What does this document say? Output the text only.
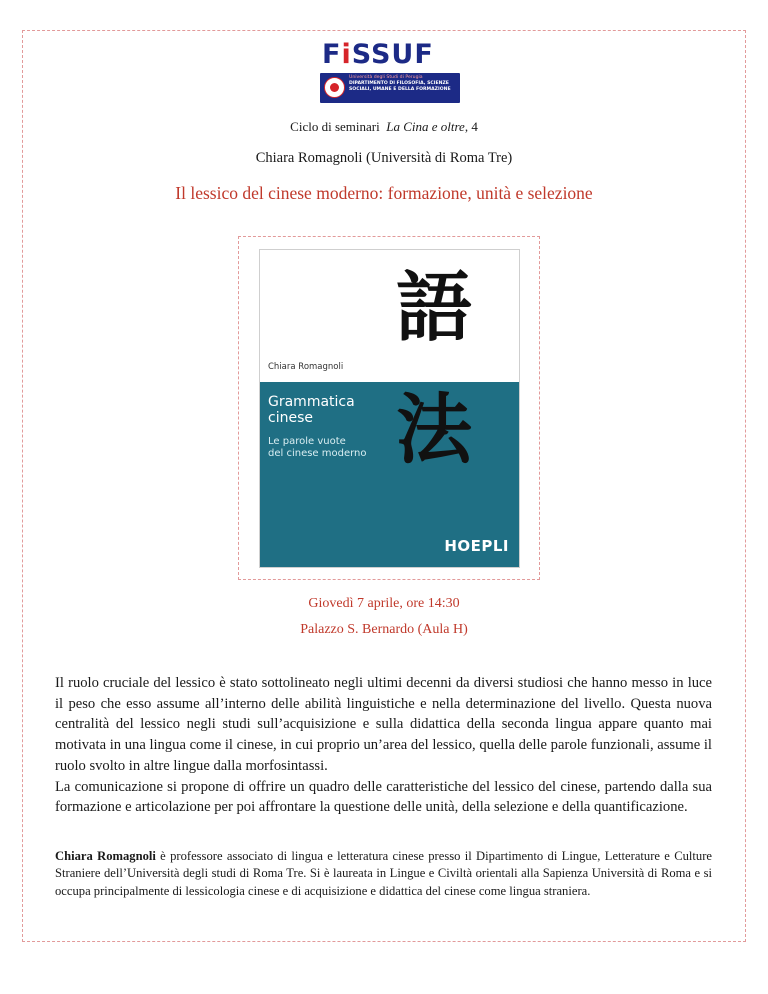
FiSSUF
Università degli Studi di Perugia
DIPARTIMENTO DI FILOSOFIA, SCIENZE SOCIALI, UMANE E DELLA FORMAZIONE
Ciclo di seminari La Cina e oltre, 4
Chiara Romagnoli (Università di Roma Tre)
Il lessico del cinese moderno: formazione, unità e selezione
Chiara Romagnoli
Grammatica
cinese
Le parole vuote
del cinese moderno
語
法
HOEPLI
Giovedì 7 aprile, ore 14:30
Palazzo S. Bernardo (Aula H)
Il ruolo cruciale del lessico è stato sottolineato negli ultimi decenni da diversi studiosi che hanno messo in luce il peso che esso assume all’interno delle abilità linguistiche e nella determinazione del livello. Questa nuova centralità del lessico negli studi sull’acquisizione e sulla didattica della seconda lingua appare quanto mai motivata in una lingua come il cinese, in cui proprio un’area del lessico, quella delle parole funzionali, assume il ruolo svolto in altre lingue dalla morfosintassi.
La comunicazione si propone di offrire un quadro delle caratteristiche del lessico del cinese, partendo dalla sua formazione e articolazione per poi affrontare la questione delle unità, della selezione e della quantificazione.
Chiara Romagnoli è professore associato di lingua e letteratura cinese presso il Dipartimento di Lingue, Letterature e Culture Straniere dell’Università degli studi di Roma Tre. Si è laureata in Lingue e Civiltà orientali alla Sapienza Università di Roma e si occupa principalmente di lessicologia cinese e di acquisizione e didattica del cinese come lingua straniera.
